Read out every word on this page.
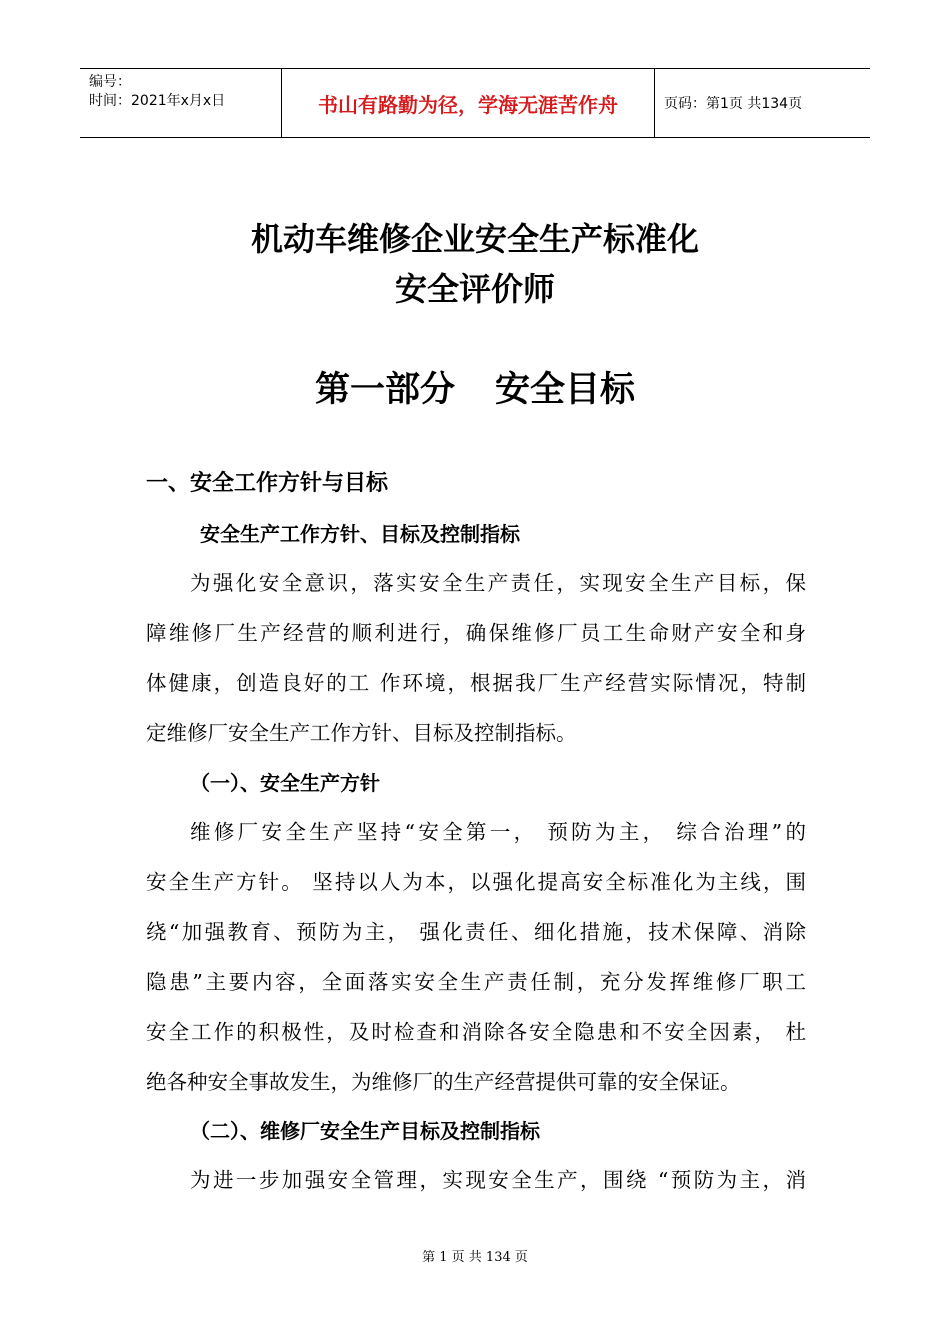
编号：
时间：2021年x月x日	书山有路勤为径，学海无涯苦作舟	页码：第1页 共134页
机动车维修企业安全生产标准化
安全评价师
第一部分 安全目标
一、安全工作方针与目标
安全生产工作方针、目标及控制指标
为强化安全意识，落实安全生产责任，实现安全生产目标，保
障维修厂生产经营的顺利进行，确保维修厂员工生命财产安全和身
体健康，创造良好的工 作环境，根据我厂生产经营实际情况，特制
定维修厂安全生产工作方针、目标及控制指标。
（一）、安全生产方针
维修厂安全生产坚持“安全第一， 预防为主， 综合治理”的
安全生产方针。 坚持以人为本，以强化提高安全标准化为主线，围
绕“加强教育、预防为主， 强化责任、细化措施，技术保障、消除
隐患”主要内容，全面落实安全生产责任制，充分发挥维修厂职工
安全工作的积极性，及时检查和消除各安全隐患和不安全因素， 杜
绝各种安全事故发生，为维修厂的生产经营提供可靠的安全保证。
（二）、维修厂安全生产目标及控制指标
为进一步加强安全管理，实现安全生产，围绕 “预防为主，消
第 1 页 共 134 页
